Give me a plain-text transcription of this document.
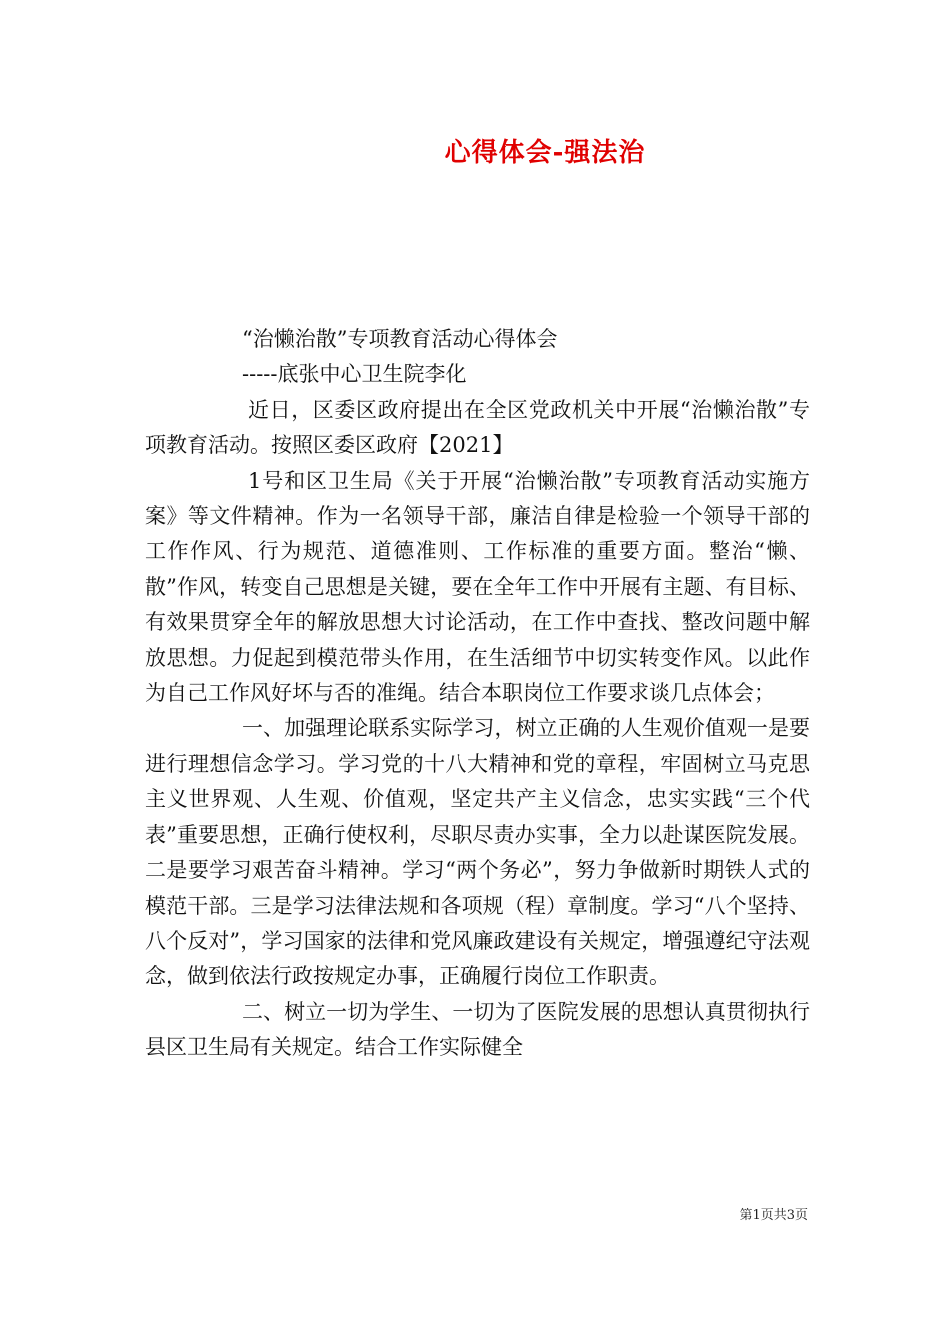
心得体会-强法治

“治懒治散”专项教育活动心得体会

-----底张中心卫生院李化

近日，区委区政府提出在全区党政机关中开展“治懒治散”专项教育活动。按照区委区政府【2021】

1号和区卫生局《关于开展“治懒治散”专项教育活动实施方案》等文件精神。作为一名领导干部，廉洁自律是检验一个领导干部的工作作风、行为规范、道德准则、工作标准的重要方面。整治“懒、散”作风，转变自己思想是关键，要在全年工作中开展有主题、有目标、有效果贯穿全年的解放思想大讨论活动，在工作中查找、整改问题中解放思想。力促起到模范带头作用，在生活细节中切实转变作风。以此作为自己工作风好坏与否的准绳。结合本职岗位工作要求谈几点体会；

一、加强理论联系实际学习，树立正确的人生观价值观一是要进行理想信念学习。学习党的十八大精神和党的章程，牢固树立马克思主义世界观、人生观、价值观，坚定共产主义信念，忠实实践“三个代表”重要思想，正确行使权利，尽职尽责办实事，全力以赴谋医院发展。二是要学习艰苦奋斗精神。学习“两个务必”，努力争做新时期铁人式的模范干部。三是学习法律法规和各项规（程）章制度。学习“八个坚持、八个反对”，学习国家的法律和党风廉政建设有关规定，增强遵纪守法观念，做到依法行政按规定办事，正确履行岗位工作职责。

二、树立一切为学生、一切为了医院发展的思想认真贯彻执行县区卫生局有关规定。结合工作实际健全

第1页共3页
